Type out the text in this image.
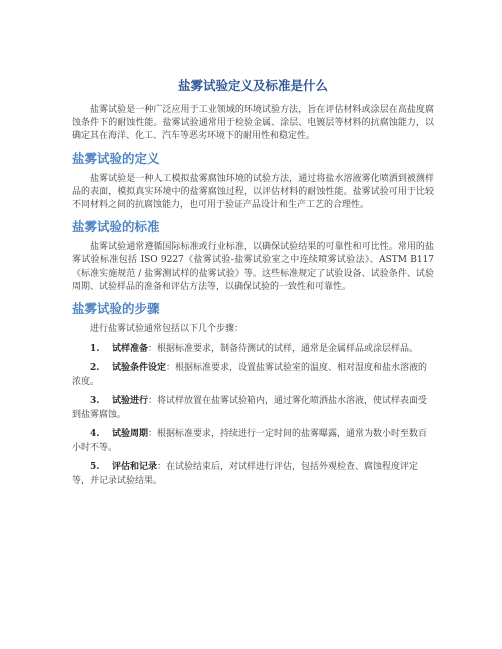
盐雾试验定义及标准是什么

盐雾试验是一种广泛应用于工业领域的环境试验方法，旨在评估材料或涂层在高盐度腐蚀条件下的耐蚀性能。盐雾试验通常用于检验金属、涂层、电镀层等材料的抗腐蚀能力，以确定其在海洋、化工、汽车等恶劣环境下的耐用性和稳定性。

盐雾试验的定义

盐雾试验是一种人工模拟盐雾腐蚀环境的试验方法，通过将盐水溶液雾化喷洒到被测样品的表面，模拟真实环境中的盐雾腐蚀过程，以评估材料的耐蚀性能。盐雾试验可用于比较不同材料之间的抗腐蚀能力，也可用于验证产品设计和生产工艺的合理性。

盐雾试验的标准

盐雾试验通常遵循国际标准或行业标准，以确保试验结果的可靠性和可比性。常用的盐雾试验标准包括 ISO 9227《盐雾试验-盐雾试验室之中连续喷雾试验法》、ASTM B117《标准实施规范 / 盐雾测试样的盐雾试验》等。这些标准规定了试验设备、试验条件、试验周期、试验样品的准备和评估方法等，以确保试验的一致性和可靠性。

盐雾试验的步骤

进行盐雾试验通常包括以下几个步骤：

1. 试样准备：根据标准要求，制备待测试的试样，通常是金属样品或涂层样品。
2. 试验条件设定：根据标准要求，设置盐雾试验室的温度、相对湿度和盐水溶液的浓度。
3. 试验进行：将试样放置在盐雾试验箱内，通过雾化喷洒盐水溶液，使试样表面受到盐雾腐蚀。
4. 试验周期：根据标准要求，持续进行一定时间的盐雾曝露，通常为数小时至数百小时不等。
5. 评估和记录：在试验结束后，对试样进行评估，包括外观检查、腐蚀程度评定等，并记录试验结果。
